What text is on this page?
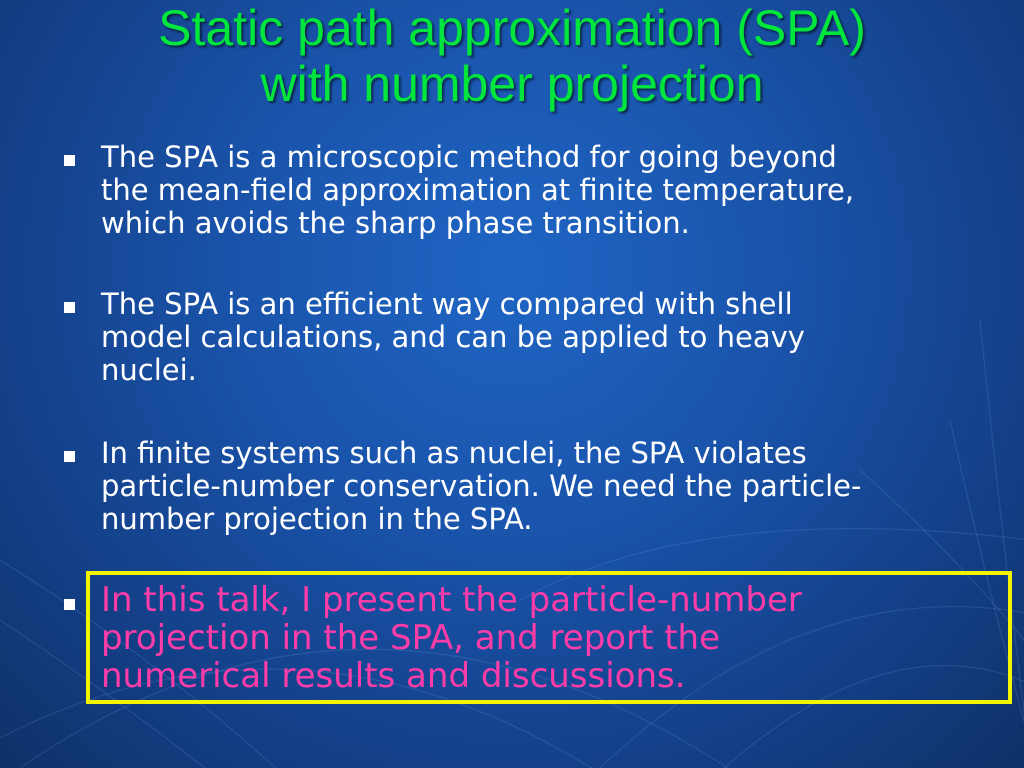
Static path approximation (SPA)
with number projection
The SPA is a microscopic method for going beyond
the mean-field approximation at finite temperature,
which avoids the sharp phase transition.
The SPA is an efficient way compared with shell
model calculations, and can be applied to heavy
nuclei.
In finite systems such as nuclei, the SPA violates
particle-number conservation. We need the particle-
number projection in the SPA.
In this talk, I present the particle-number
projection in the SPA, and report the
numerical results and discussions.
